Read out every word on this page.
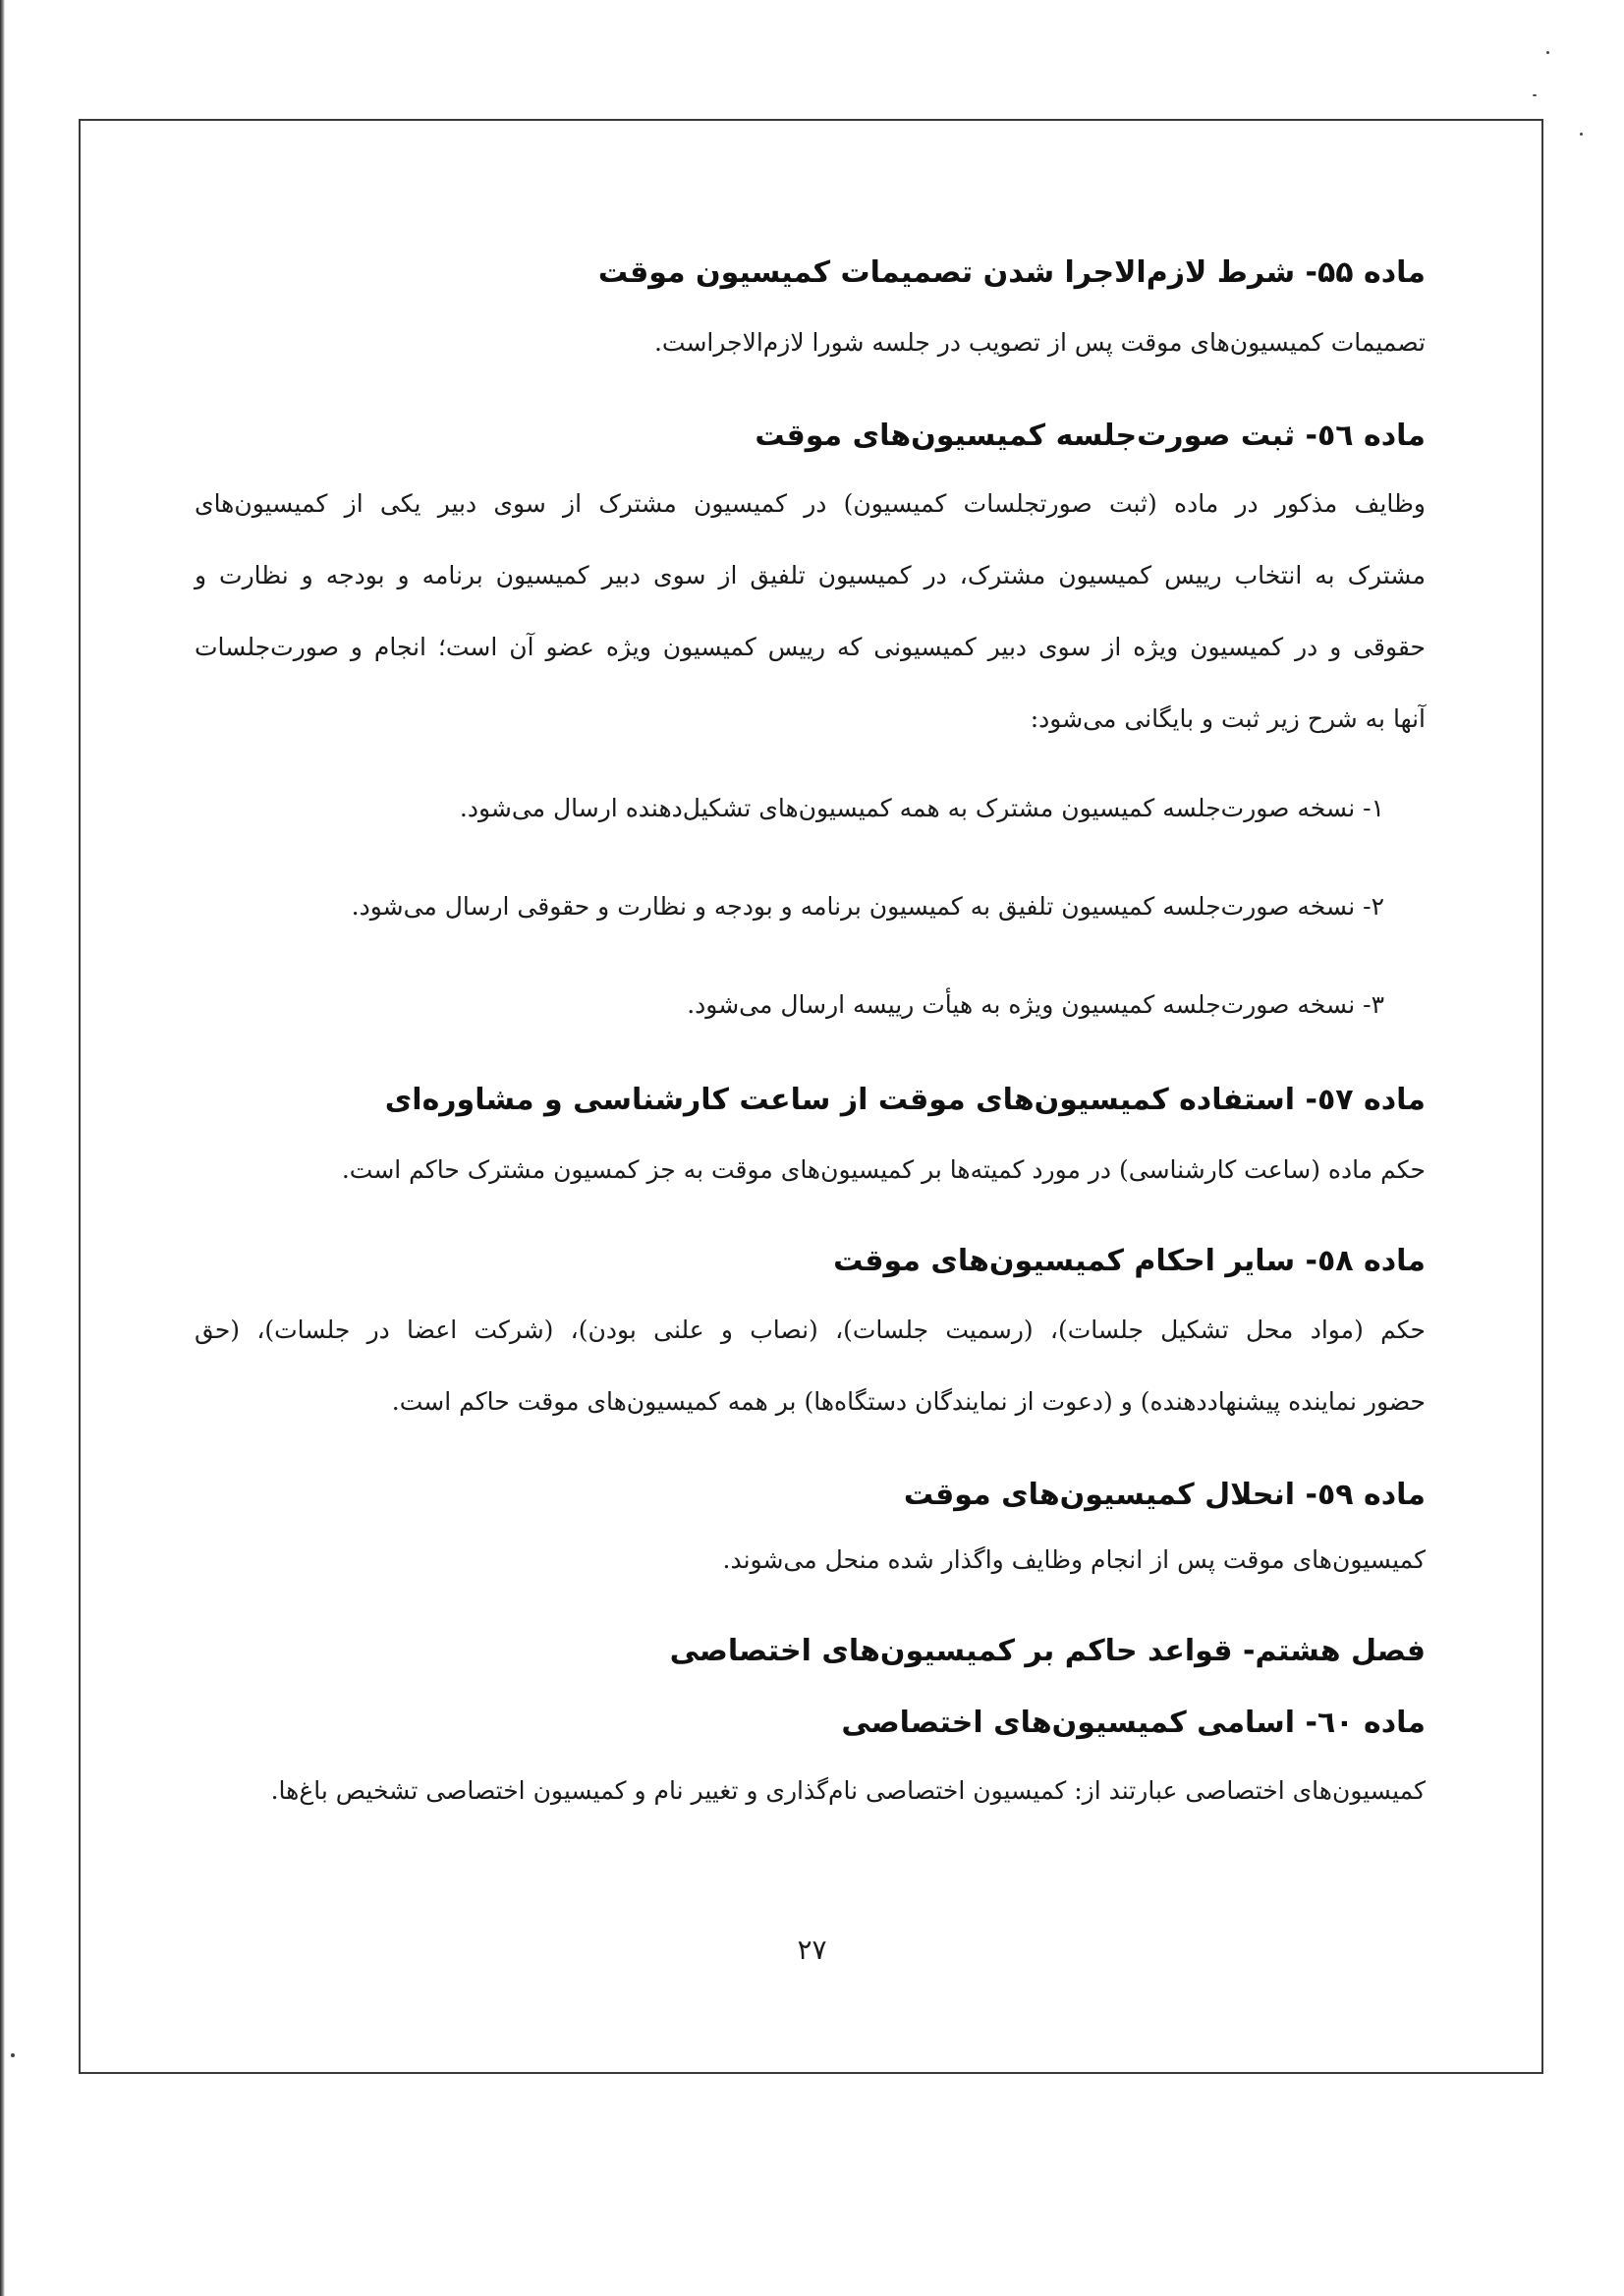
ماده ۵۵- شرط لازم‌الاجرا شدن تصمیمات کمیسیون موقت
تصمیمات کمیسیون‌های موقت پس از تصویب در جلسه شورا لازم‌الاجراست.
ماده ٥٦- ثبت صورت‌جلسه کمیسیون‌های موقت
وظایف مذکور در ماده (ثبت صورتجلسات کمیسیون) در کمیسیون مشترک از سوی دبیر یکی از کمیسیون‌های
مشترک به انتخاب رییس کمیسیون مشترک، در کمیسیون تلفیق از سوی دبیر کمیسیون برنامه و بودجه و نظارت و
حقوقی و در کمیسیون ویژه از سوی دبیر کمیسیونی که رییس کمیسیون ویژه عضو آن است؛ انجام و صورت‌جلسات
آنها به شرح زیر ثبت و بایگانی می‌شود:
۱- نسخه صورت‌جلسه کمیسیون مشترک به همه کمیسیون‌های تشکیل‌دهنده ارسال می‌شود.
۲- نسخه صورت‌جلسه کمیسیون تلفیق به کمیسیون برنامه و بودجه و نظارت و حقوقی ارسال می‌شود.
۳- نسخه صورت‌جلسه کمیسیون ویژه به هیأت رییسه ارسال می‌شود.
ماده ٥٧- استفاده کمیسیون‌های موقت از ساعت کارشناسی و مشاوره‌ای
حکم ماده (ساعت کارشناسی) در مورد کمیته‌ها بر کمیسیون‌های موقت به جز کمسیون مشترک حاکم است.
ماده ٥٨- سایر احکام کمیسیون‌های موقت
حکم (مواد محل تشکیل جلسات)، (رسمیت جلسات)، (نصاب و علنی بودن)، (شرکت اعضا در جلسات)، (حق
حضور نماینده پیشنهاددهنده) و (دعوت از نمایندگان دستگاه‌ها) بر همه کمیسیون‌های موقت حاکم است.
ماده ٥٩- انحلال کمیسیون‌های موقت
کمیسیون‌های موقت پس از انجام وظایف واگذار شده منحل می‌شوند.
فصل هشتم- قواعد حاکم بر کمیسیون‌های اختصاصی
ماده ٦٠- اسامی کمیسیون‌های اختصاصی
کمیسیون‌های اختصاصی عبارتند از: کمیسیون اختصاصی نام‌گذاری و تغییر نام و کمیسیون اختصاصی تشخیص باغ‌ها.
۲۷
